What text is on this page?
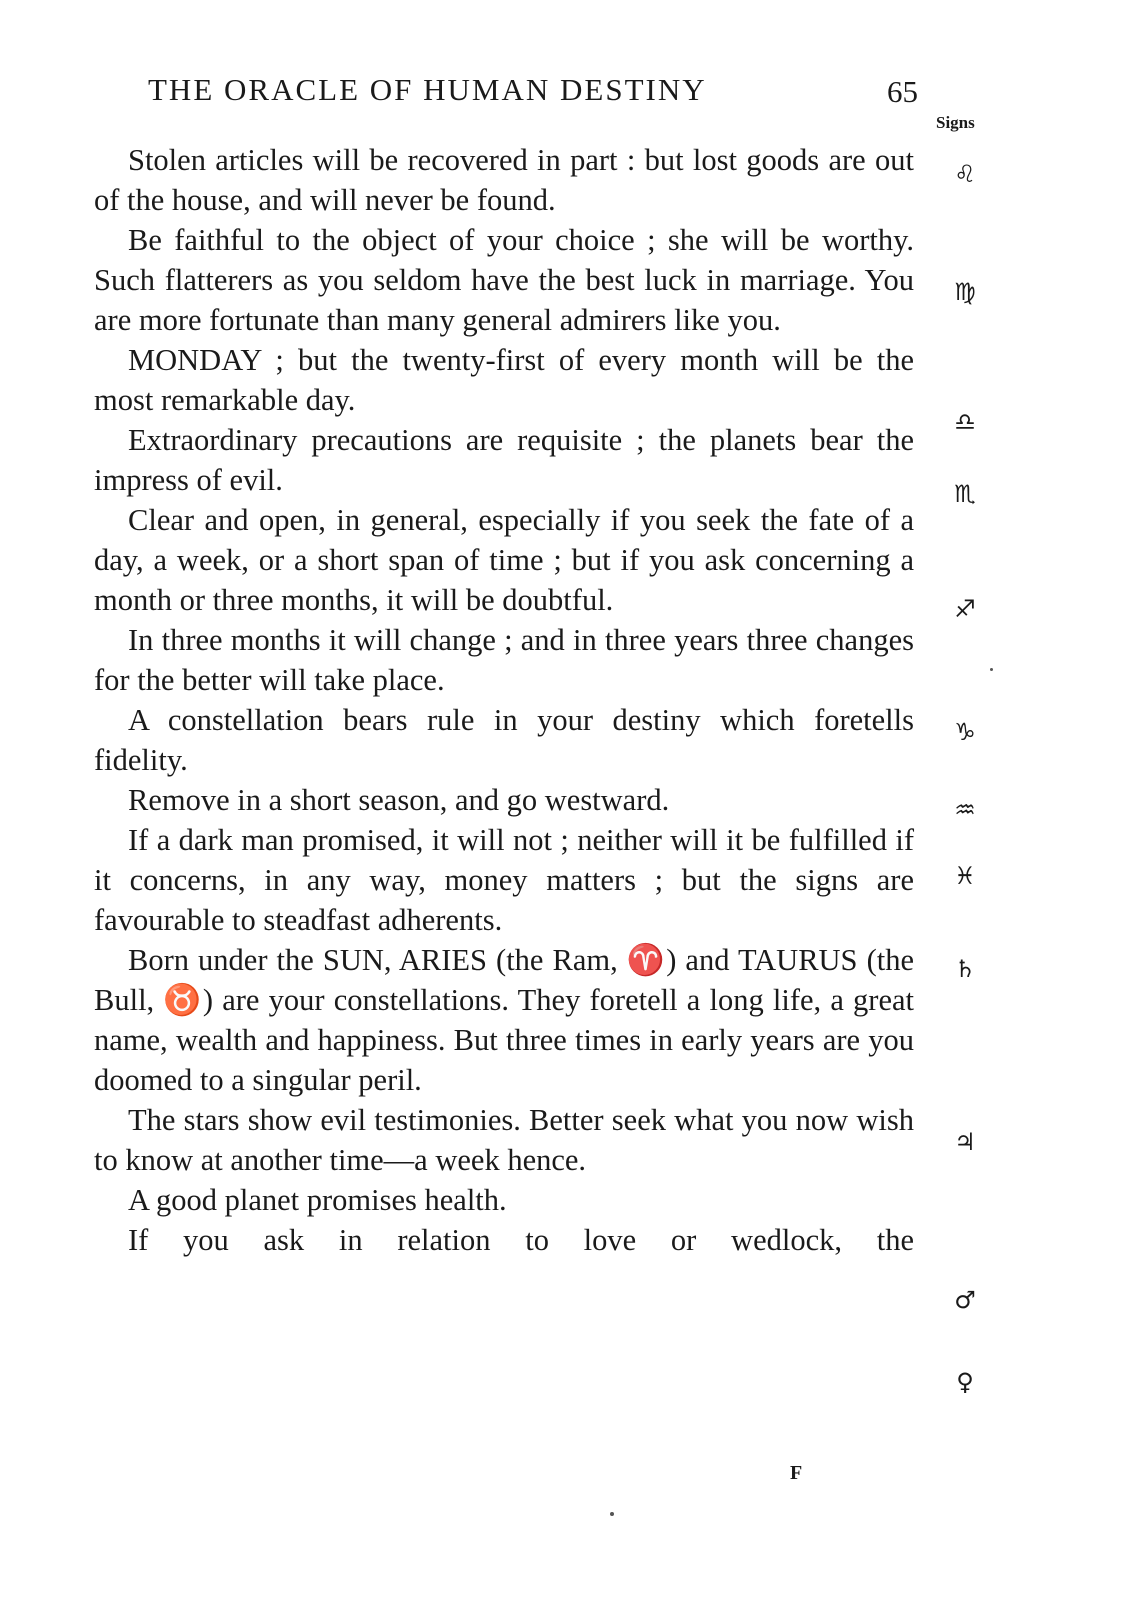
THE ORACLE OF HUMAN DESTINY	65
Signs

Stolen articles will be recovered in part : but lost goods are out of the house, and will never be found.

Be faithful to the object of your choice ; she will be worthy. Such flatterers as you seldom have the best luck in marriage. You are more fortunate than many general admirers like you.

MONDAY ; but the twenty-first of every month will be the most remarkable day.

Extraordinary precautions are requisite ; the planets bear the impress of evil.

Clear and open, in general, especially if you seek the fate of a day, a week, or a short span of time ; but if you ask concerning a month or three months, it will be doubtful.

In three months it will change ; and in three years three changes for the better will take place.

A constellation bears rule in your destiny which foretells fidelity.

Remove in a short season, and go westward.

If a dark man promised, it will not ; neither will it be fulfilled if it concerns, in any way, money matters ; but the signs are favourable to steadfast adherents.

Born under the SUN, ARIES (the Ram, ♈) and TAURUS (the Bull, ♉) are your constellations. They foretell a long life, a great name, wealth and happiness. But three times in early years are you doomed to a singular peril.

The stars show evil testimonies. Better seek what you now wish to know at another time—a week hence.

A good planet promises health.

If you ask in relation to love or wedlock, the

♌
♍
♎
♏
♐
♑
♒
♓
♄
♃
♂
♀
F
